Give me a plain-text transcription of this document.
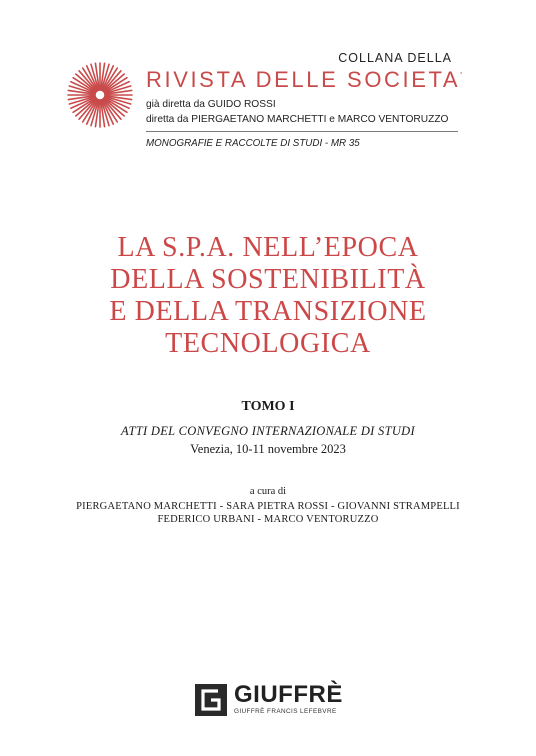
COLLANA DELLA
RIVISTA DELLE SOCIETA'
già diretta da GUIDO ROSSI
diretta da PIERGAETANO MARCHETTI e MARCO VENTORUZZO
MONOGRAFIE E RACCOLTE DI STUDI - MR 35
LA S.P.A. NELL’EPOCA
DELLA SOSTENIBILITÀ
E DELLA TRANSIZIONE
TECNOLOGICA
TOMO I
ATTI DEL CONVEGNO INTERNAZIONALE DI STUDI
Venezia, 10-11 novembre 2023
a cura di
PIERGAETANO MARCHETTI - SARA PIETRA ROSSI - GIOVANNI STRAMPELLI
FEDERICO URBANI - MARCO VENTORUZZO
GIUFFRÈ
GIUFFRÈ FRANCIS LEFEBVRE
